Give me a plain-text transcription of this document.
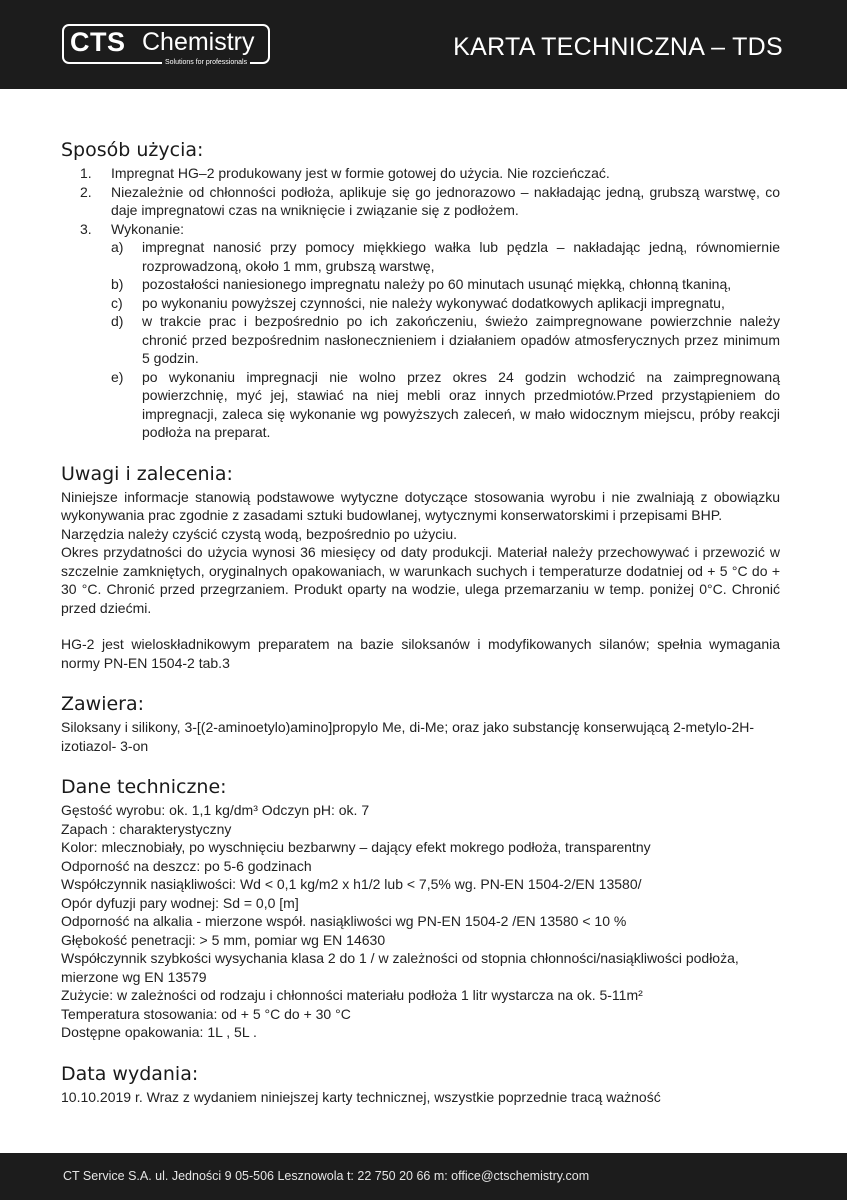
CTS Chemistry
Solutions for professionals
KARTA TECHNICZNA – TDS
Sposób użycia:
1.	Impregnat HG–2 produkowany jest w formie gotowej do użycia. Nie rozcieńczać.
2.	Niezależnie od chłonności podłoża, aplikuje się go jednorazowo – nakładając jedną, grubszą warstwę, co daje impregnatowi czas na wniknięcie i związanie się z podłożem.
3.	Wykonanie:
a)	impregnat nanosić przy pomocy miękkiego wałka lub pędzla – nakładając jedną, równomiernie rozprowadzoną, około 1 mm, grubszą warstwę,
b)	pozostałości naniesionego impregnatu należy po 60 minutach usunąć miękką, chłonną tkaniną,
c)	po wykonaniu powyższej czynności, nie należy wykonywać dodatkowych aplikacji impregnatu,
d)	w trakcie prac i bezpośrednio po ich zakończeniu, świeżo zaimpregnowane powierzchnie należy chronić przed bezpośrednim nasłonecznieniem i działaniem opadów atmosferycznych przez minimum 5 godzin.
e)	po wykonaniu impregnacji nie wolno przez okres 24 godzin wchodzić na zaimpregnowaną powierzchnię, myć jej, stawiać na niej mebli oraz innych przedmiotów.Przed przystąpieniem do impregnacji, zaleca się wykonanie wg powyższych zaleceń, w mało widocznym miejscu, próby reakcji podłoża na preparat.
Uwagi i zalecenia:

Niniejsze informacje stanowią podstawowe wytyczne dotyczące stosowania wyrobu i nie zwalniają z obowiązku wykonywania prac zgodnie z zasadami sztuki budowlanej, wytycznymi konserwatorskimi i przepisami BHP.

Narzędzia należy czyścić czystą wodą, bezpośrednio po użyciu.

Okres przydatności do użycia wynosi 36 miesięcy od daty produkcji. Materiał należy przechowywać i przewozić w szczelnie zamkniętych, oryginalnych opakowaniach, w warunkach suchych i temperaturze dodatniej od + 5 °C do + 30 °C. Chronić przed przegrzaniem. Produkt oparty na wodzie, ulega przemarzaniu w temp. poniżej 0°C. Chronić przed dziećmi.

HG-2 jest wieloskładnikowym preparatem na bazie siloksanów i modyfikowanych silanów; spełnia wymagania normy PN-EN 1504-2 tab.3

Zawiera:

Siloksany i silikony, 3-[(2-aminoetylo)amino]propylo Me, di-Me; oraz jako substancję konserwującą 2-metylo-2H-izotiazol- 3-on

Dane techniczne:

Gęstość wyrobu: ok. 1,1 kg/dm³ Odczyn pH: ok. 7

Zapach : charakterystyczny

Kolor: mlecznobiały, po wyschnięciu bezbarwny – dający efekt mokrego podłoża, transparentny

Odporność na deszcz: po 5-6 godzinach

Współczynnik nasiąkliwości: Wd < 0,1 kg/m2 x h1/2 lub < 7,5% wg. PN-EN 1504-2/EN 13580/

Opór dyfuzji pary wodnej: Sd = 0,0 [m]

Odporność na alkalia - mierzone współ. nasiąkliwości wg PN-EN 1504-2 /EN 13580 < 10 %

Głębokość penetracji: > 5 mm, pomiar wg EN 14630

Współczynnik szybkości wysychania klasa 2 do 1 / w zależności od stopnia chłonności/nasiąkliwości podłoża, mierzone wg EN 13579

Zużycie: w zależności od rodzaju i chłonności materiału podłoża 1 litr wystarcza na ok. 5-11m²

Temperatura stosowania: od + 5 °C do + 30 °C

Dostępne opakowania: 1L , 5L .

Data wydania:

10.10.2019 r. Wraz z wydaniem niniejszej karty technicznej, wszystkie poprzednie tracą ważność

CT Service S.A. ul. Jedności 9 05-506 Lesznowola t: 22 750 20 66 m: office@ctschemistry.com
